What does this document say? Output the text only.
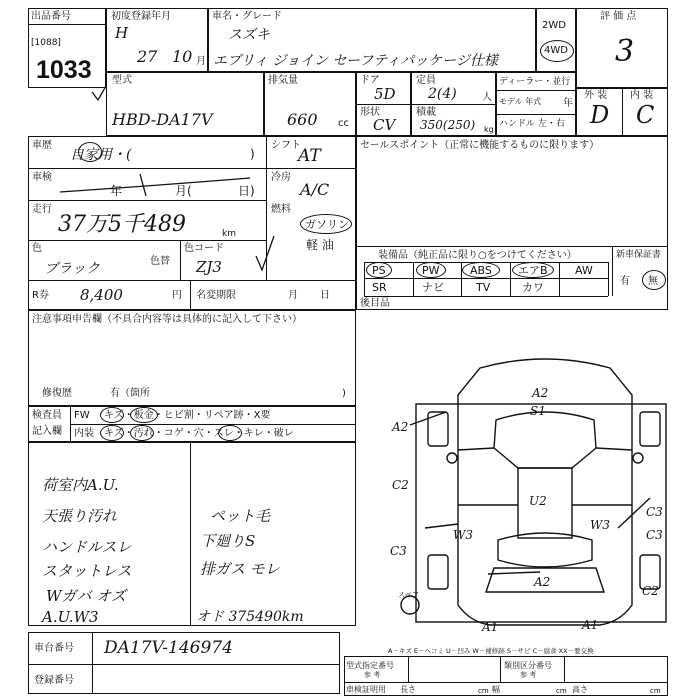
出品番号
[1088]
1033
初度登録年月
H
27 10 月
車名・グレード
スズキ
エブリィ ジョイン セーフティパッケージ仕様
2WD
4WD
評 価 点
3
型式
HBD-DA17V
排気量
660 cc
ドア
5D
形状
CV
定員
2(4)	人
積載
350(250) kg
ディーラー・並行
モデル 年式 年
ハンドル 左・右
外 装 内 装
D C
車歴
自家用・(	)
シフト
AT
車検
年	月(	日)
冷房
A/C
走行
37万5千489	km
燃料
ガソリン
軽 油
色
ブラック	色替
色コード
ZJ3
R券 8,400	円 名変期限	月 日
セールスポイント（正常に機能するものに限ります）
装備品（純正品に限り○をつけてください）	新車保証書
有 無
PS	PW	ABS エアB AW
SR	ナビ	TV	カワ
後目品
注意事項申告欄（不具合内容等は具体的に記入して下さい）
修復歴	有（箇所	)
検査員
記入欄
FW キズ・板金・ヒビ割・リペア跡・X要
内装 キズ・汚れ・コゲ・穴・スレ・キレ・破レ
荷室内A.U.
天張り汚れ
ハンドルスレ
スタットレス
Wガバ オズ
A.U.W3
ペット毛
下廻りS
排ガス モレ
オド 375490km
A2
S1
A2
C2
U2
C3
W3
W3
C3
C3
A2
C2
A1	A1
スペア
A－キズ E－ヘコミ U－凹み W－補修跡 S－サビ C－腐食 XX－要交換
車台番号 DA17V-146974
登録番号
型式指定番号
参 考
類別区分番号
参 考
車検証明用 長さ	cm 幅	cm 高さ	cm
